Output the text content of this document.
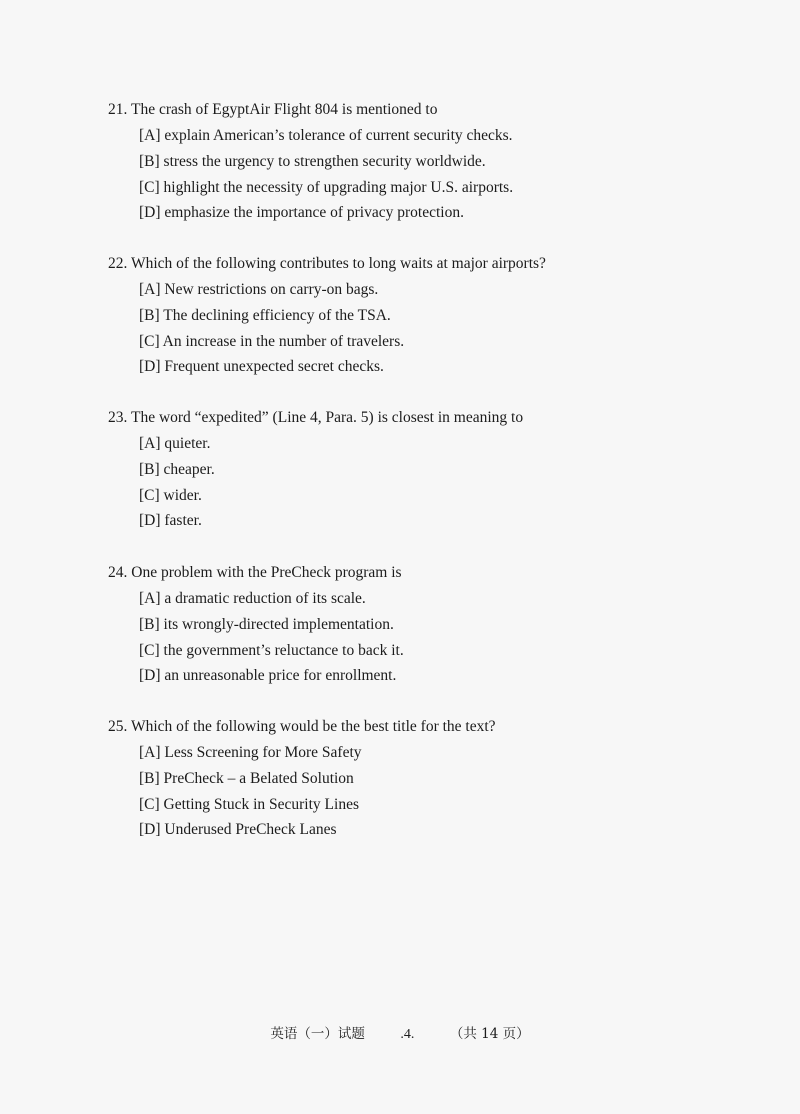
21. The crash of EgyptAir Flight 804 is mentioned to
[A] explain American’s tolerance of current security checks.
[B] stress the urgency to strengthen security worldwide.
[C] highlight the necessity of upgrading major U.S. airports.
[D] emphasize the importance of privacy protection.
22. Which of the following contributes to long waits at major airports?
[A] New restrictions on carry-on bags.
[B] The declining efficiency of the TSA.
[C] An increase in the number of travelers.
[D] Frequent unexpected secret checks.
23. The word “expedited” (Line 4, Para. 5) is closest in meaning to
[A] quieter.
[B] cheaper.
[C] wider.
[D] faster.
24. One problem with the PreCheck program is
[A] a dramatic reduction of its scale.
[B] its wrongly-directed implementation.
[C] the government’s reluctance to back it.
[D] an unreasonable price for enrollment.
25. Which of the following would be the best title for the text?
[A] Less Screening for More Safety
[B] PreCheck – a Belated Solution
[C] Getting Stuck in Security Lines
[D] Underused PreCheck Lanes
英语（一）试题	.4.	（共 14 页）
